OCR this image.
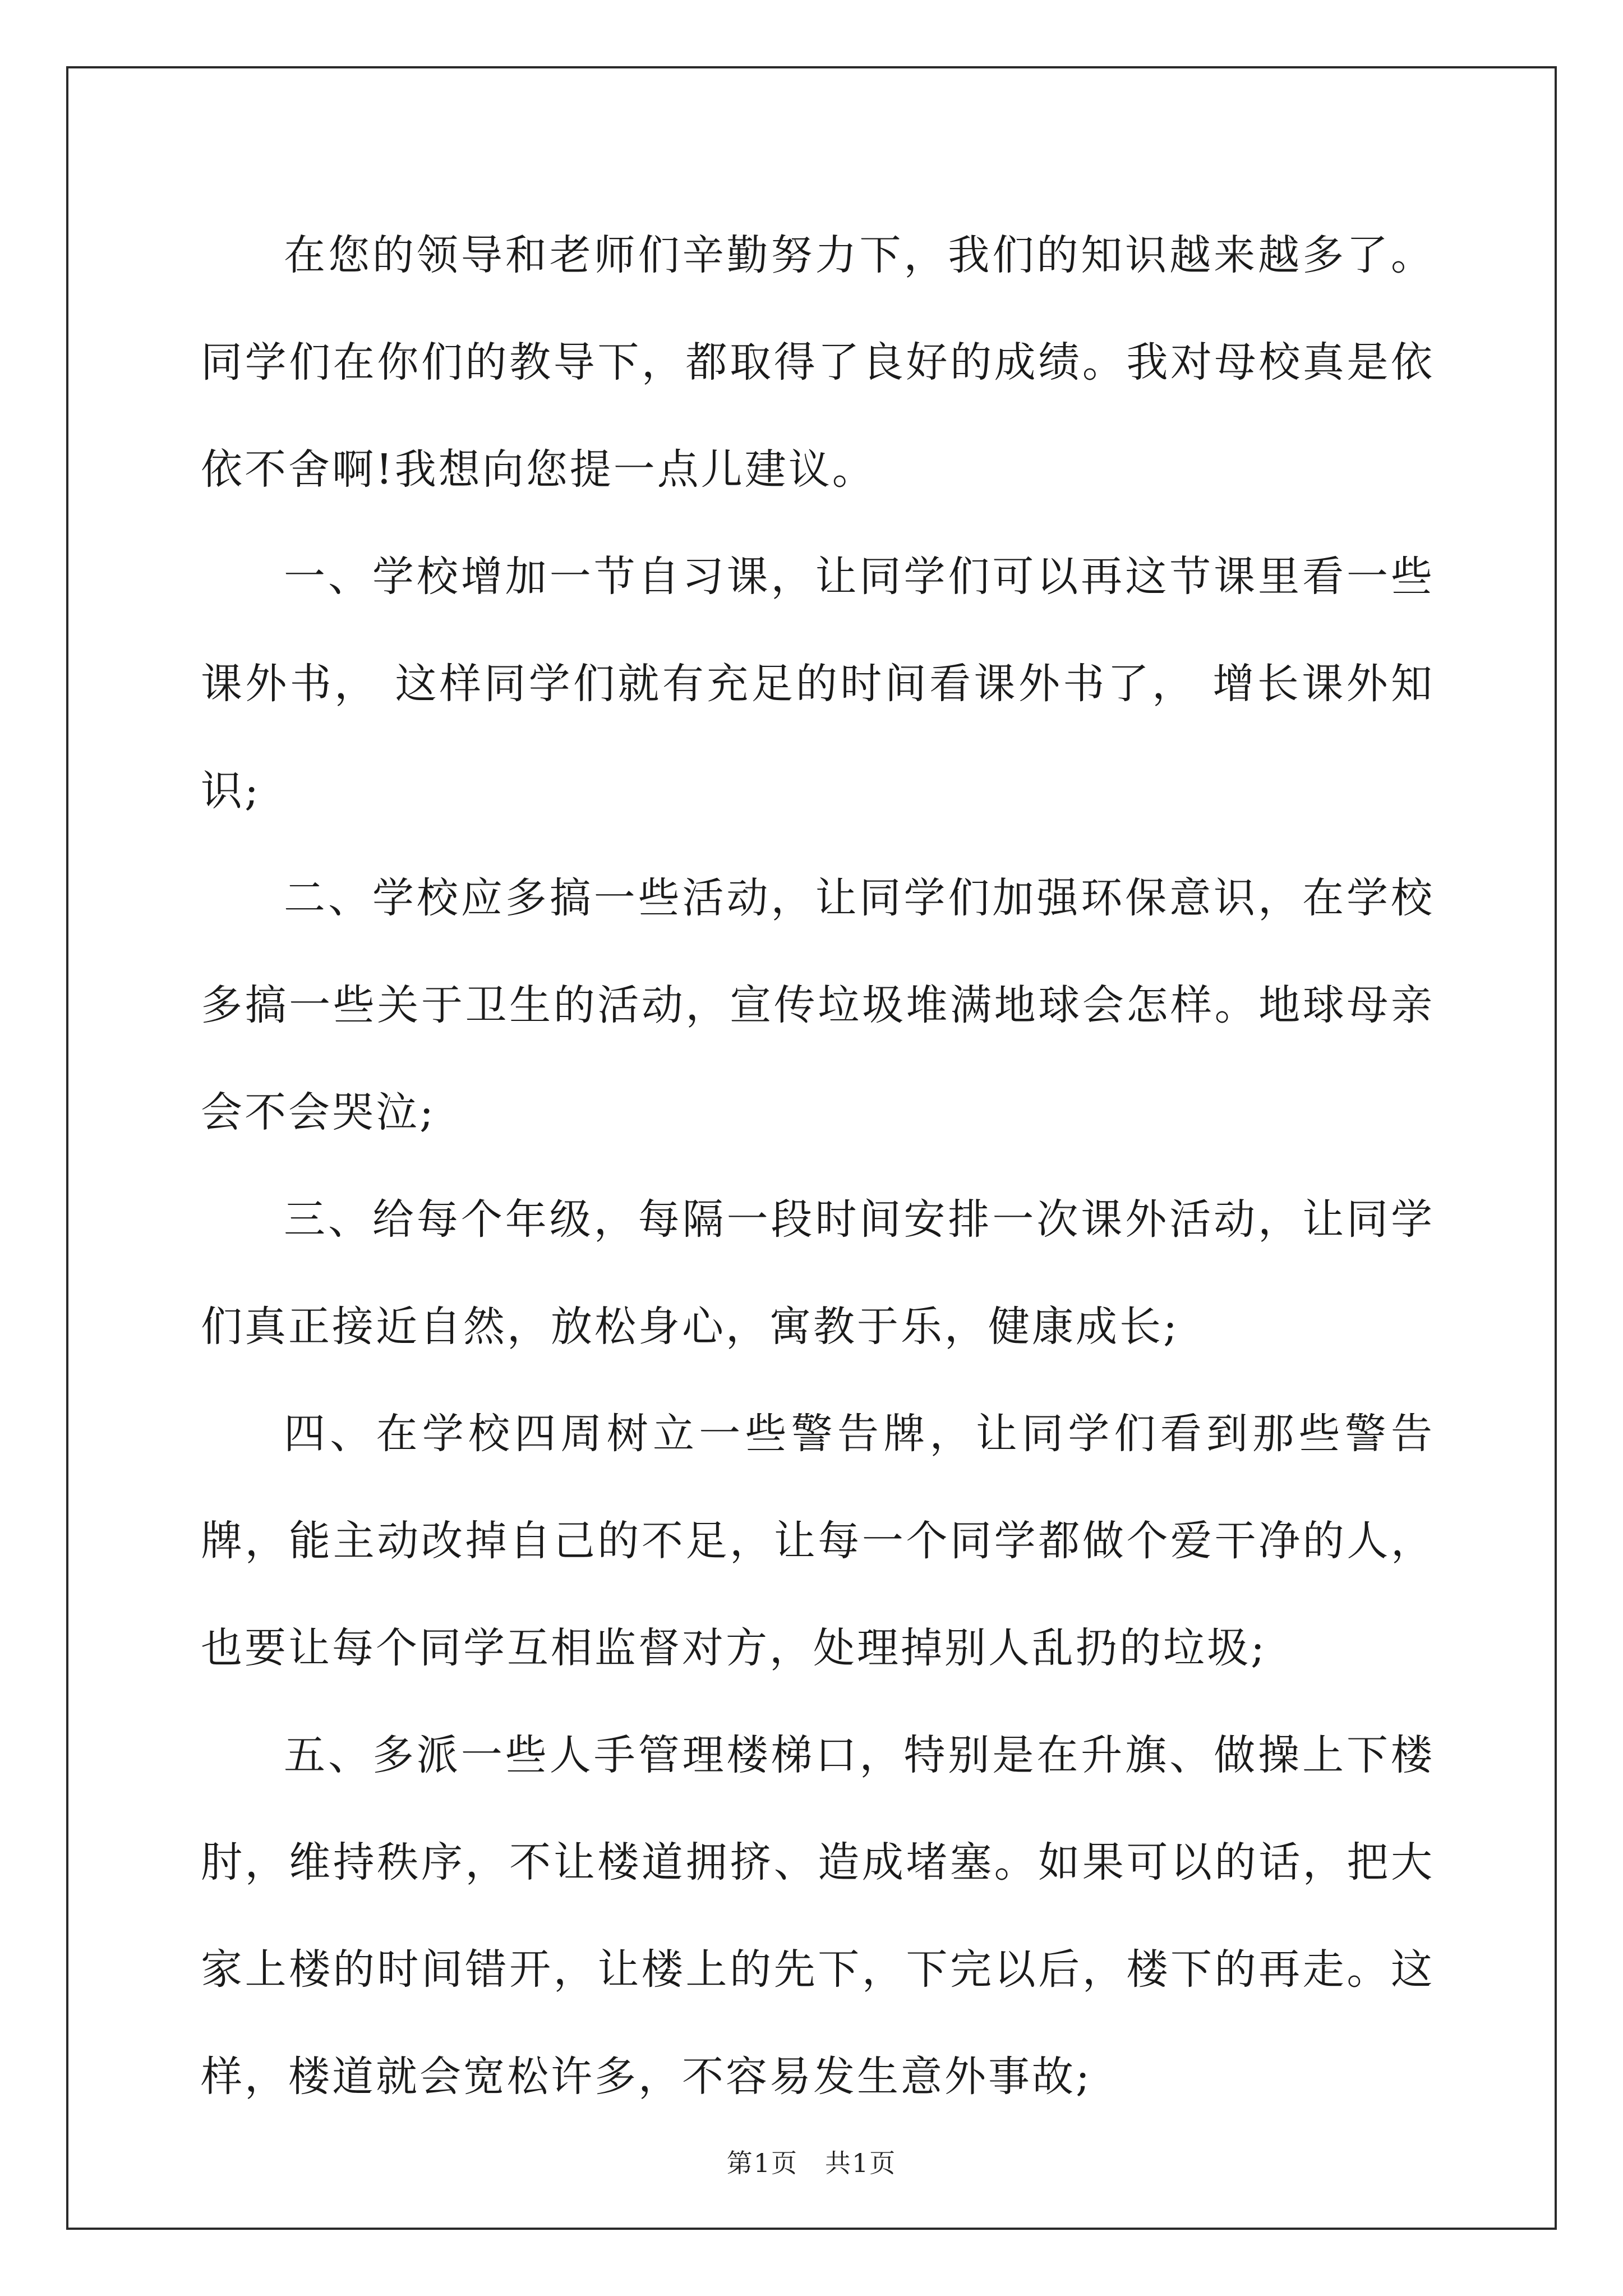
在您的领导和老师们辛勤努力下，我们的知识越来越多了。同学们在你们的教导下，都取得了良好的成绩。我对母校真是依依不舍啊!我想向您提一点儿建议。

一、学校增加一节自习课，让同学们可以再这节课里看一些课外书， 这样同学们就有充足的时间看课外书了， 增长课外知识;

二、学校应多搞一些活动，让同学们加强环保意识，在学校多搞一些关于卫生的活动，宣传垃圾堆满地球会怎样。地球母亲会不会哭泣;

三、给每个年级，每隔一段时间安排一次课外活动，让同学们真正接近自然，放松身心，寓教于乐，健康成长;

四、在学校四周树立一些警告牌，让同学们看到那些警告牌，能主动改掉自己的不足，让每一个同学都做个爱干净的人，也要让每个同学互相监督对方，处理掉别人乱扔的垃圾;

五、多派一些人手管理楼梯口，特别是在升旗、做操上下楼肘，维持秩序，不让楼道拥挤、造成堵塞。如果可以的话，把大家上楼的时间错开，让楼上的先下，下完以后，楼下的再走。这样，楼道就会宽松许多，不容易发生意外事故;

第1页　共1页
